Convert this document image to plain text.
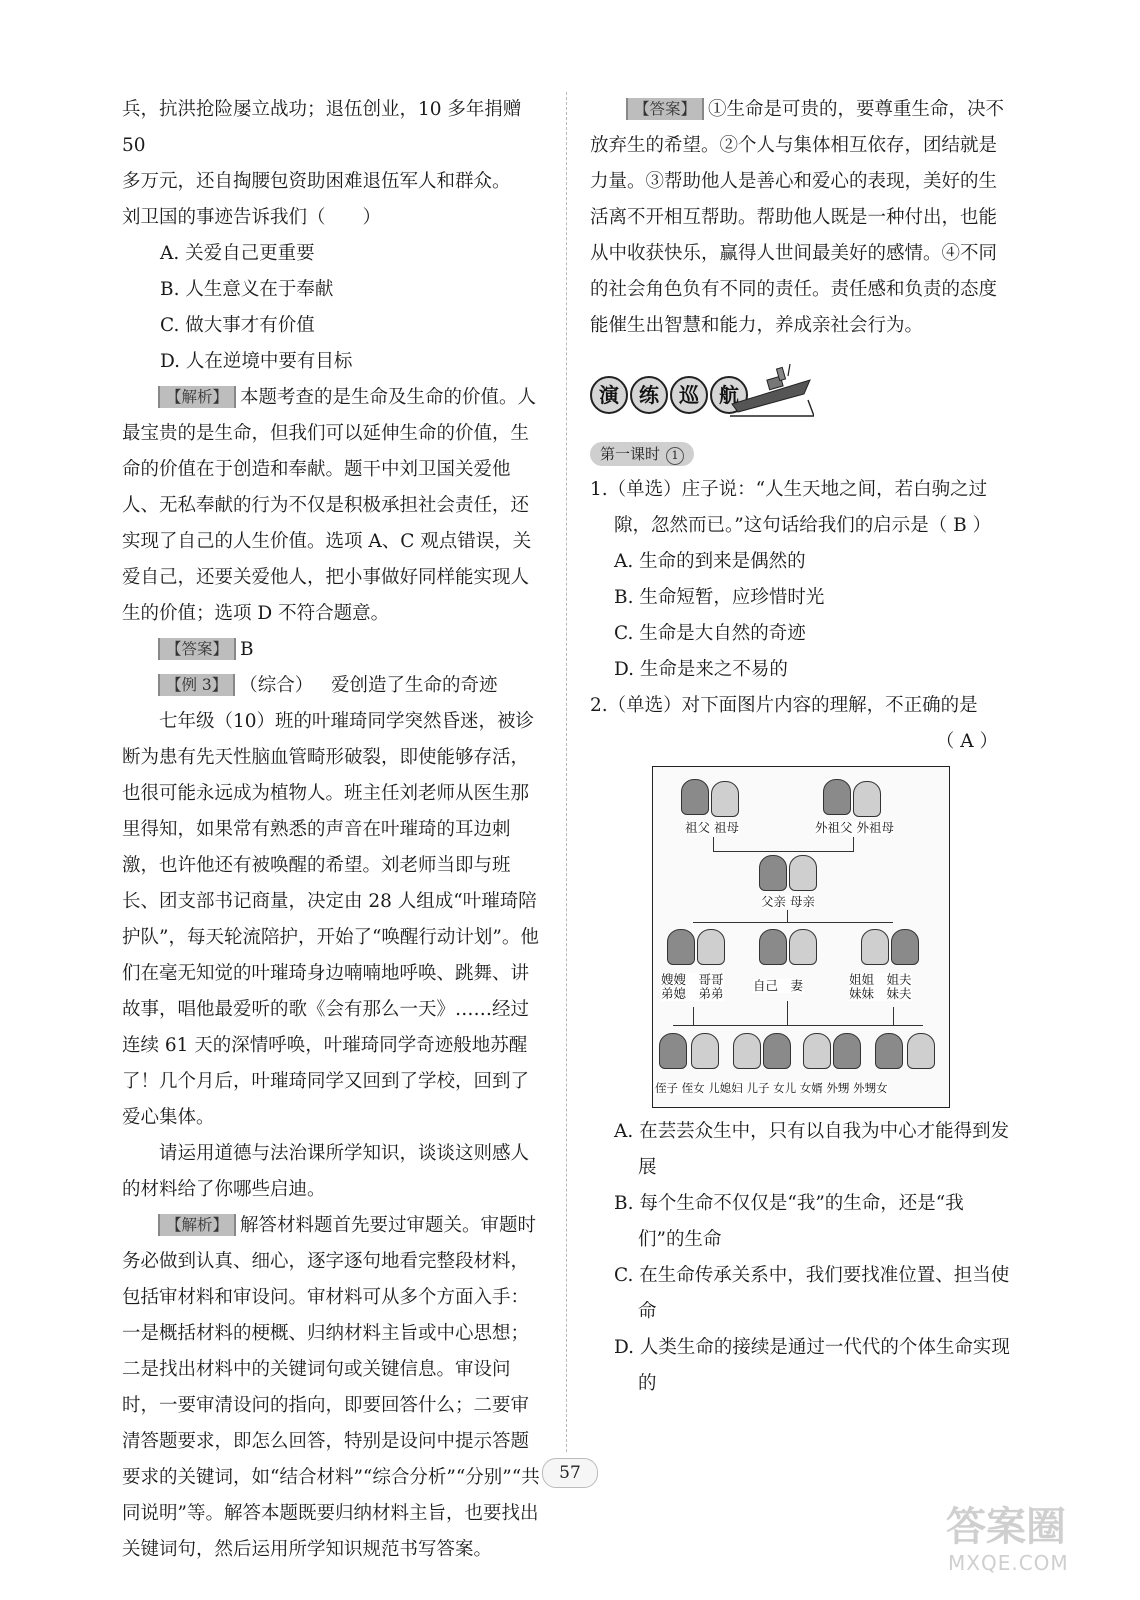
兵，抗洪抢险屡立战功；退伍创业，10 多年捐赠 50

多万元，还自掏腰包资助困难退伍军人和群众。

刘卫国的事迹告诉我们（　　）

A. 关爱自己更重要

B. 人生意义在于奉献

C. 做大事才有价值

D. 人在逆境中要有目标

【解析】 本题考查的是生命及生命的价值。人最宝贵的是生命，但我们可以延伸生命的价值，生命的价值在于创造和奉献。题干中刘卫国关爱他人、无私奉献的行为不仅是积极承担社会责任，还实现了自己的人生价值。选项 A、C 观点错误，关爱自己，还要关爱他人，把小事做好同样能实现人生的价值；选项 D 不符合题意。

【答案】 B

【例 3】 （综合） 爱创造了生命的奇迹

七年级（10）班的叶璀琦同学突然昏迷，被诊断为患有先天性脑血管畸形破裂，即使能够存活，也很可能永远成为植物人。班主任刘老师从医生那里得知，如果常有熟悉的声音在叶璀琦的耳边刺激，也许他还有被唤醒的希望。刘老师当即与班长、团支部书记商量，决定由 28 人组成“叶璀琦陪护队”，每天轮流陪护，开始了“唤醒行动计划”。他们在毫无知觉的叶璀琦身边喃喃地呼唤、跳舞、讲故事，唱他最爱听的歌《会有那么一天》……经过连续 61 天的深情呼唤，叶璀琦同学奇迹般地苏醒了！几个月后，叶璀琦同学又回到了学校，回到了爱心集体。

请运用道德与法治课所学知识，谈谈这则感人的材料给了你哪些启迪。

【解析】 解答材料题首先要过审题关。审题时务必做到认真、细心，逐字逐句地看完整段材料，包括审材料和审设问。审材料可从多个方面入手：一是概括材料的梗概、归纳材料主旨或中心思想；二是找出材料中的关键词句或关键信息。审设问时，一要审清设问的指向，即要回答什么；二要审清答题要求，即怎么回答，特别是设问中提示答题要求的关键词，如“结合材料”“综合分析”“分别”“共同说明”等。解答本题既要归纳材料主旨，也要找出关键词句，然后运用所学知识规范书写答案。

【答案】 ①生命是可贵的，要尊重生命，决不放弃生的希望。②个人与集体相互依存，团结就是力量。③帮助他人是善心和爱心的表现，美好的生活离不开相互帮助。帮助他人既是一种付出，也能从中收获快乐，赢得人世间最美好的感情。④不同的社会角色负有不同的责任。责任感和负责的态度能催生出智慧和能力，养成亲社会行为。

演	练	巡	航

第一课时 1

1.（单选）庄子说：“人生天地之间，若白驹之过隙，忽然而已。”这句话给我们的启示是（ B ）

A. 生命的到来是偶然的

B. 生命短暂，应珍惜时光

C. 生命是大自然的奇迹

D. 生命是来之不易的

2.（单选）对下面图片内容的理解，不正确的是

（ A ）

祖父 祖母	外祖父 外祖母
父亲 母亲
嫂嫂　哥哥
弟媳　弟弟
自己　妻	姐姐　姐夫
妹妹　妹夫
侄子 侄女 儿媳妇 儿子 女儿 女婿 外甥 外甥女

A. 在芸芸众生中，只有以自我为中心才能得到发展

B. 每个生命不仅仅是“我”的生命，还是“我们”的生命

C. 在生命传承关系中，我们要找准位置、担当使命

D. 人类生命的接续是通过一代代的个体生命实现的

57
答案圈
MXQE.COM
